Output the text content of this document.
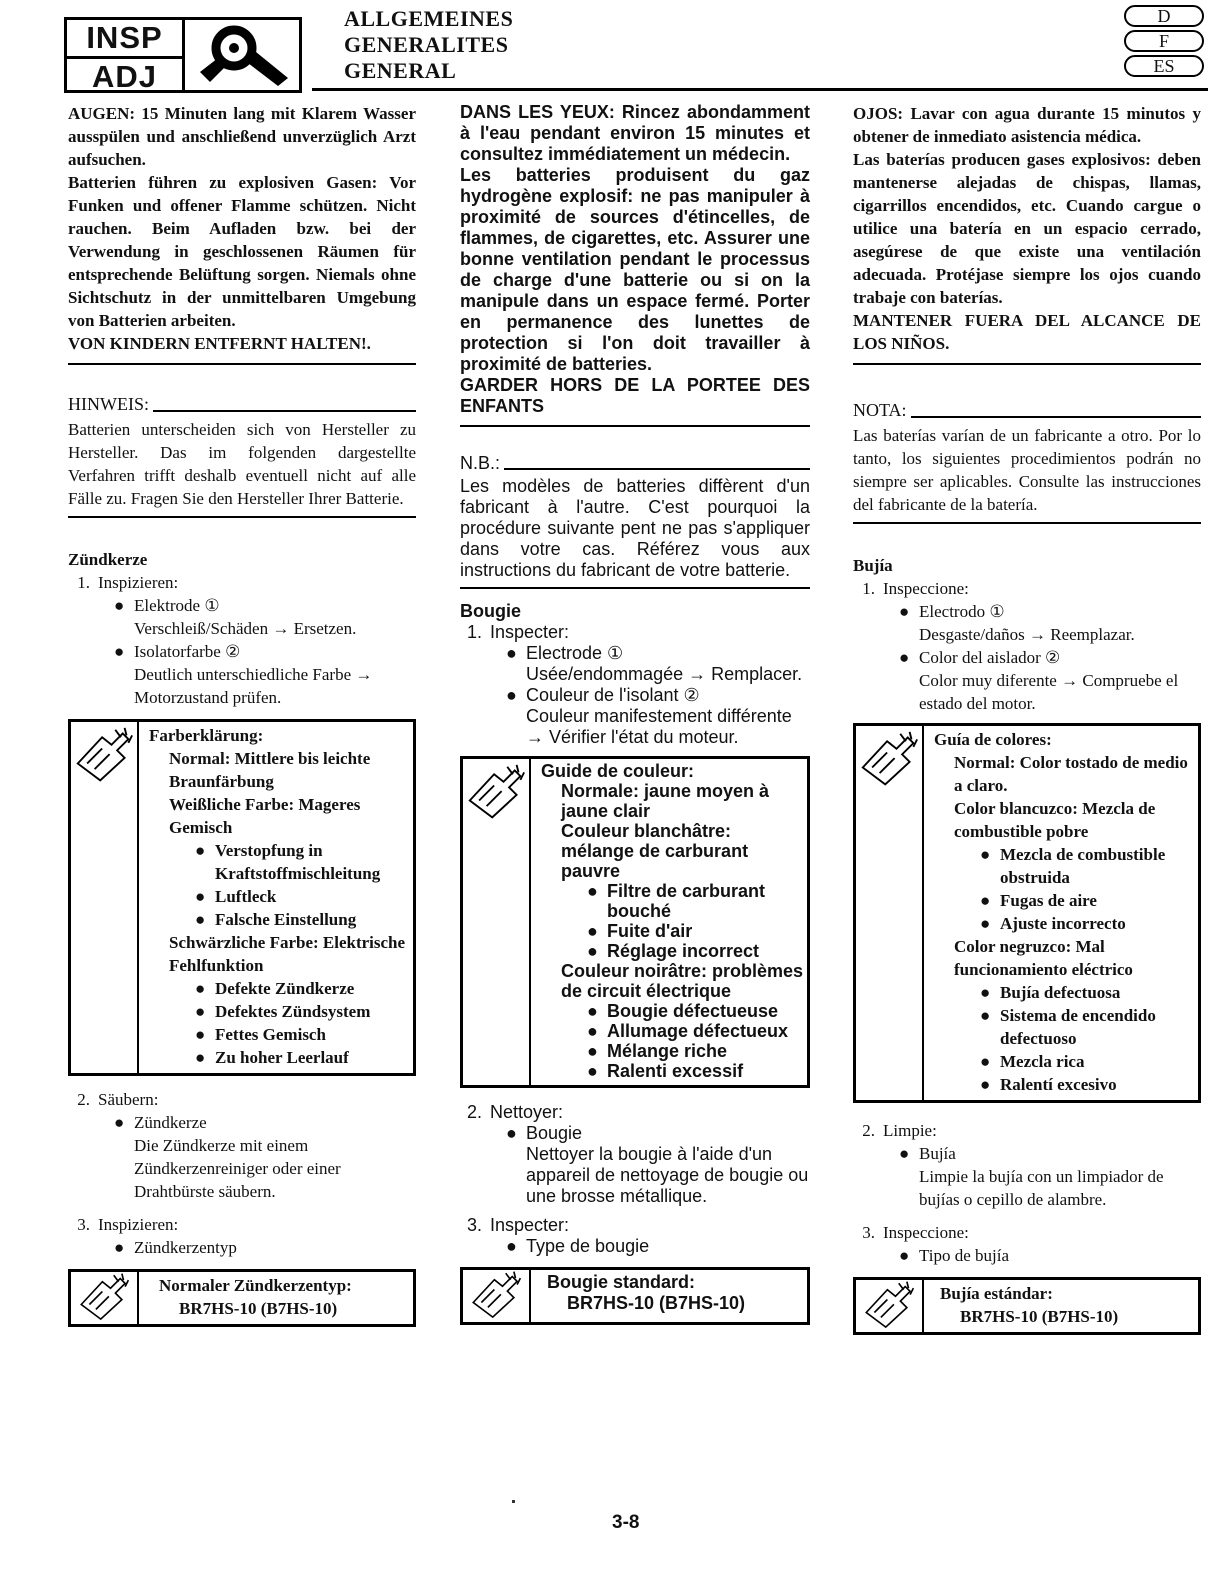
INSP
ADJ
ALLGEMEINES
GENERALITES
GENERAL
D
F
ES

AUGEN: 15 Minuten lang mit Klarem Wasser ausspülen und anschließend unverzüglich Arzt aufsuchen.

Batterien führen zu explosiven Gasen: Vor Funken und offener Flamme schützen. Nicht rauchen. Beim Aufladen bzw. bei der Verwendung in geschlossenen Räumen für entsprechende Belüftung sorgen. Niemals ohne Sichtschutz in der unmittelbaren Umgebung von Batterien arbeiten.

VON KINDERN ENTFERNT HALTEN!.

HINWEIS:
Batterien unterscheiden sich von Hersteller zu Hersteller. Das im folgenden dargestellte Verfahren trifft deshalb eventuell nicht auf alle Fälle zu. Fragen Sie den Hersteller Ihrer Batterie.
Zündkerze
1. Inspizieren:
● Elektrode ①
Verschleiß/Schäden → Ersetzen.
● Isolatorfarbe ②
Deutlich unterschiedliche Farbe → Motorzustand prüfen.
Farberklärung:
Normal: Mittlere bis leichte Braunfärbung
Weißliche Farbe: Mageres Gemisch
● Verstopfung in Kraftstoffmischleitung
● Luftleck
● Falsche Einstellung
Schwärzliche Farbe: Elektrische Fehlfunktion
● Defekte Zündkerze
● Defektes Zündsystem
● Fettes Gemisch
● Zu hoher Leerlauf
2. Säubern:
● Zündkerze
Die Zündkerze mit einem Zündkerzenreiniger oder einer Drahtbürste säubern.
3. Inspizieren:
● Zündkerzentyp
Normaler Zündkerzentyp:
BR7HS-10 (B7HS-10)

DANS LES YEUX: Rincez abondamment à l'eau pendant environ 15 minutes et consultez immédiatement un médecin.

Les batteries produisent du gaz hydrogène explosif: ne pas manipuler à proximité de sources d'étincelles, de flammes, de cigarettes, etc. Assurer une bonne ventilation pendant le processus de charge d'une batterie ou si on la manipule dans un espace fermé. Porter en permanence des lunettes de protection si l'on doit travailler à proximité de batteries.

GARDER HORS DE LA PORTEE DES ENFANTS

N.B.:
Les modèles de batteries diffèrent d'un fabricant à l'autre. C'est pourquoi la procédure suivante pent ne pas s'appliquer dans votre cas. Référez vous aux instructions du fabricant de votre batterie.
Bougie
1. Inspecter:
● Electrode ①
Usée/endommagée → Remplacer.
● Couleur de l'isolant ②
Couleur manifestement différente → Vérifier l'état du moteur.
Guide de couleur:
Normale: jaune moyen à jaune clair
Couleur blanchâtre: mélange de carburant pauvre
● Filtre de carburant bouché
● Fuite d'air
● Réglage incorrect
Couleur noirâtre: problèmes de circuit électrique
● Bougie défectueuse
● Allumage défectueux
● Mélange riche
● Ralenti excessif
2. Nettoyer:
● Bougie
Nettoyer la bougie à l'aide d'un appareil de nettoyage de bougie ou une brosse métallique.
3. Inspecter:
● Type de bougie
Bougie standard:
BR7HS-10 (B7HS-10)

OJOS: Lavar con agua durante 15 minutos y obtener de inmediato asistencia médica.

Las baterías producen gases explosivos: deben mantenerse alejadas de chispas, llamas, cigarrillos encendidos, etc. Cuando cargue o utilice una batería en un espacio cerrado, asegúrese de que existe una ventilación adecuada. Protéjase siempre los ojos cuando trabaje con baterías.

MANTENER FUERA DEL ALCANCE DE LOS NIÑOS.

NOTA:
Las baterías varían de un fabricante a otro. Por lo tanto, los siguientes procedimientos podrán no siempre ser aplicables. Consulte las instrucciones del fabricante de la batería.
Bujía
1. Inspeccione:
● Electrodo ①
Desgaste/daños → Reemplazar.
● Color del aislador ②
Color muy diferente → Compruebe el estado del motor.
Guía de colores:
Normal: Color tostado de medio a claro.
Color blancuzco: Mezcla de combustible pobre
● Mezcla de combustible obstruida
● Fugas de aire
● Ajuste incorrecto
Color negruzco: Mal funcionamiento eléctrico
● Bujía defectuosa
● Sistema de encendido defectuoso
● Mezcla rica
● Ralentí excesivo
2. Limpie:
● Bujía
Limpie la bujía con un limpiador de bujías o cepillo de alambre.
3. Inspeccione:
● Tipo de bujía
Bujía estándar:
BR7HS-10 (B7HS-10)
3-8
